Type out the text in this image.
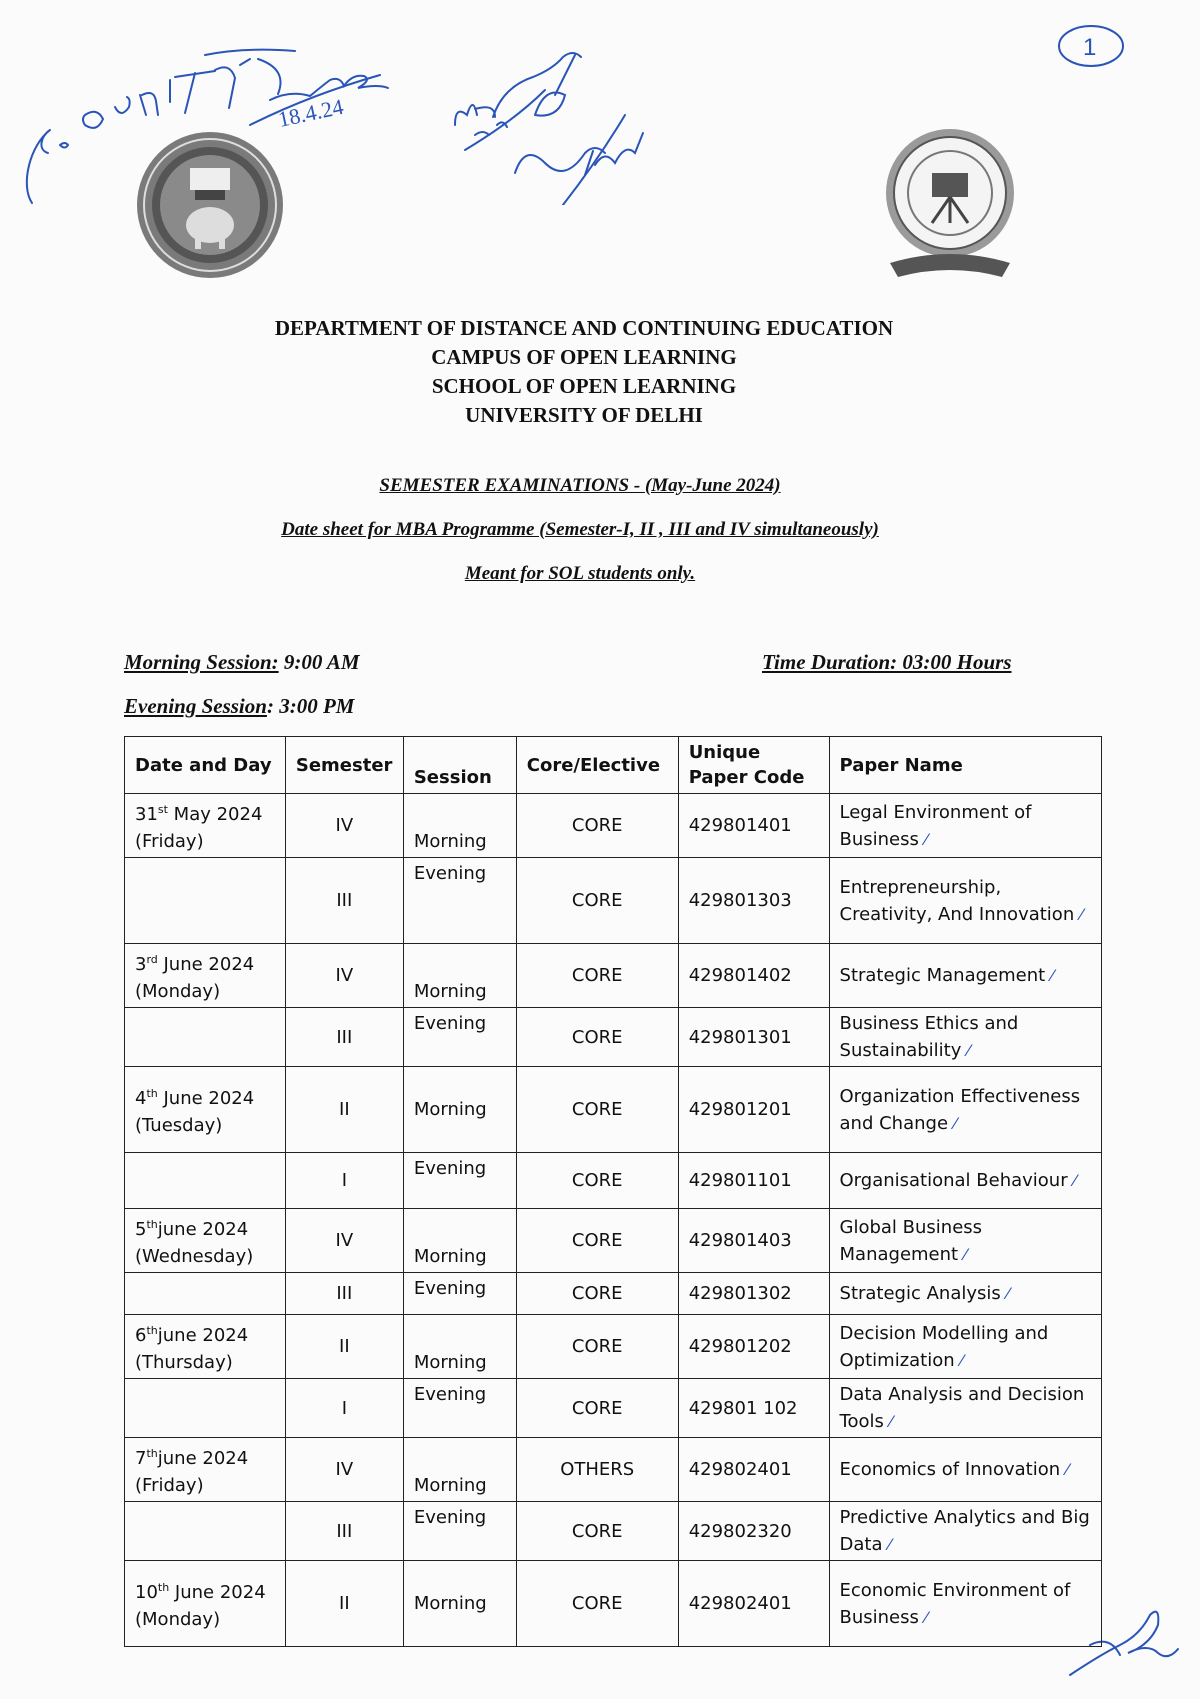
18.4.24
MS Shalvo
1
DEPARTMENT OF DISTANCE AND CONTINUING EDUCATION
CAMPUS OF OPEN LEARNING
SCHOOL OF OPEN LEARNING
UNIVERSITY OF DELHI
SEMESTER EXAMINATIONS - (May-June 2024)
Date sheet for MBA Programme (Semester-I, II , III and IV simultaneously)
Meant for SOL students only.
Morning Session: 9:00 AM	Time Duration: 03:00 Hours
Evening Session: 3:00 PM
Date and Day	Semester	Session	Core/Elective	Unique Paper Code	Paper Name
31st May 2024 (Friday)	IV	Morning	CORE	429801401	Legal Environment of Business ⁄
	III	Evening	CORE	429801303	Entrepreneurship, Creativity, And Innovation ⁄
3rd June 2024 (Monday)	IV	Morning	CORE	429801402	Strategic Management ⁄
	III	Evening	CORE	429801301	Business Ethics and Sustainability ⁄
4th June 2024 (Tuesday)	II	Morning	CORE	429801201	Organization Effectiveness and Change ⁄
	I	Evening	CORE	429801101	Organisational Behaviour ⁄
5thjune 2024 (Wednesday)	IV	Morning	CORE	429801403	Global Business Management ⁄
	III	Evening	CORE	429801302	Strategic Analysis ⁄
6thjune 2024 (Thursday)	II	Morning	CORE	429801202	Decision Modelling and Optimization ⁄
	I	Evening	CORE	429801 102	Data Analysis and Decision Tools ⁄
7thjune 2024 (Friday)	IV	Morning	OTHERS	429802401	Economics of Innovation ⁄
	III	Evening	CORE	429802320	Predictive Analytics and Big Data ⁄
10th June 2024 (Monday)	II	Morning	CORE	429802401	Economic Environment of Business ⁄
